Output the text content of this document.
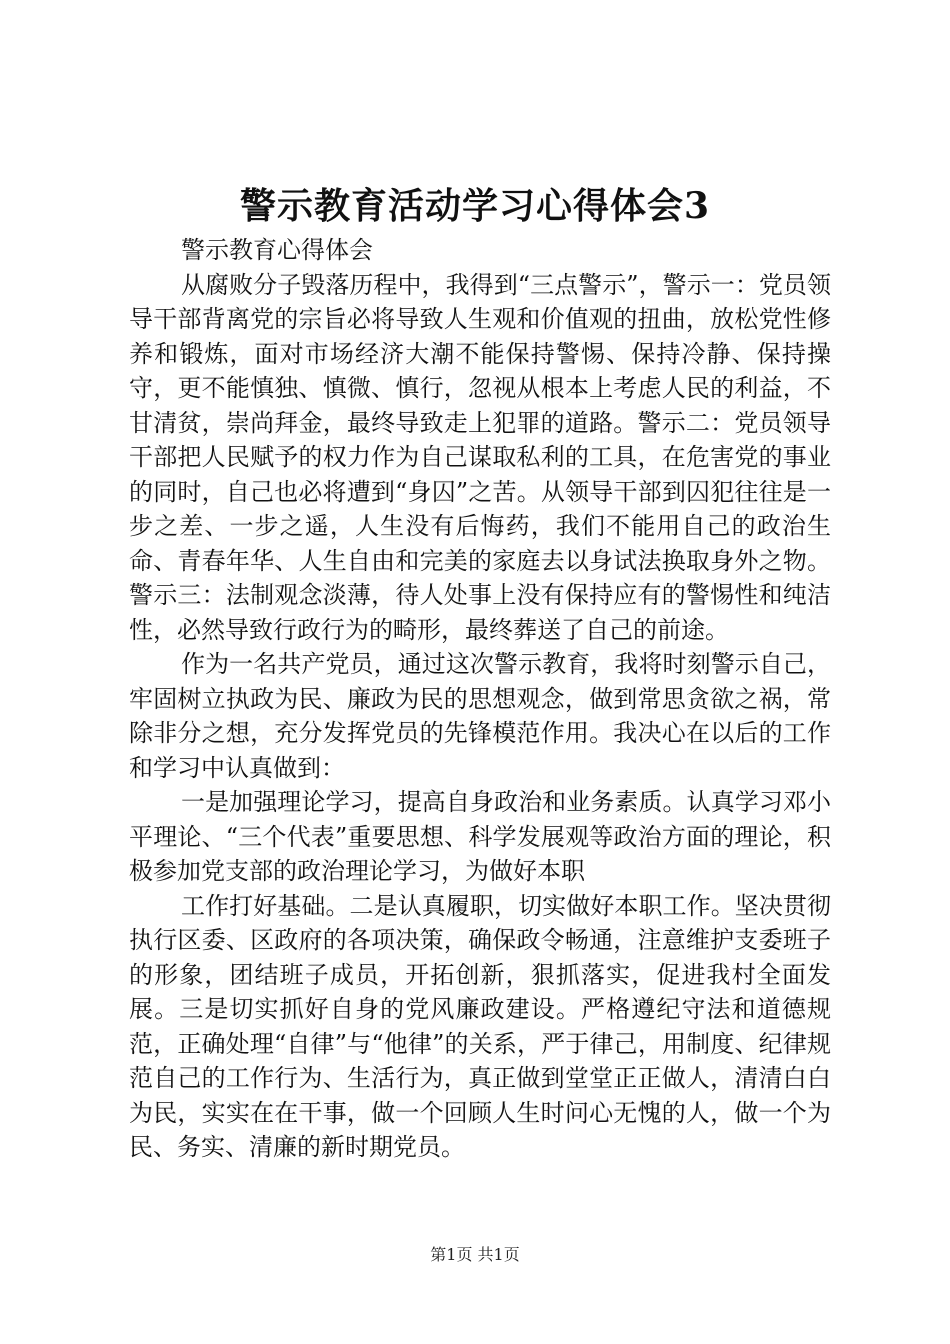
警示教育活动学习心得体会3

警示教育心得体会

从腐败分子毁落历程中，我得到“三点警示”，警示一：党员领导干部背离党的宗旨必将导致人生观和价值观的扭曲，放松党性修养和锻炼，面对市场经济大潮不能保持警惕、保持冷静、保持操守，更不能慎独、慎微、慎行，忽视从根本上考虑人民的利益，不甘清贫，崇尚拜金，最终导致走上犯罪的道路。警示二：党员领导干部把人民赋予的权力作为自己谋取私利的工具，在危害党的事业的同时，自己也必将遭到“身囚”之苦。从领导干部到囚犯往往是一步之差、一步之遥，人生没有后悔药，我们不能用自己的政治生命、青春年华、人生自由和完美的家庭去以身试法换取身外之物。警示三：法制观念淡薄，待人处事上没有保持应有的警惕性和纯洁性，必然导致行政行为的畸形，最终葬送了自己的前途。

作为一名共产党员，通过这次警示教育，我将时刻警示自己，牢固树立执政为民、廉政为民的思想观念，做到常思贪欲之祸，常除非分之想，充分发挥党员的先锋模范作用。我决心在以后的工作和学习中认真做到：

一是加强理论学习，提高自身政治和业务素质。认真学习邓小平理论、“三个代表”重要思想、科学发展观等政治方面的理论，积极参加党支部的政治理论学习，为做好本职

工作打好基础。二是认真履职，切实做好本职工作。坚决贯彻执行区委、区政府的各项决策，确保政令畅通，注意维护支委班子的形象，团结班子成员，开拓创新，狠抓落实，促进我村全面发展。三是切实抓好自身的党风廉政建设。严格遵纪守法和道德规范，正确处理“自律”与“他律”的关系，严于律己，用制度、纪律规范自己的工作行为、生活行为，真正做到堂堂正正做人，清清白白为民，实实在在干事，做一个回顾人生时问心无愧的人，做一个为民、务实、清廉的新时期党员。

第1页 共1页
